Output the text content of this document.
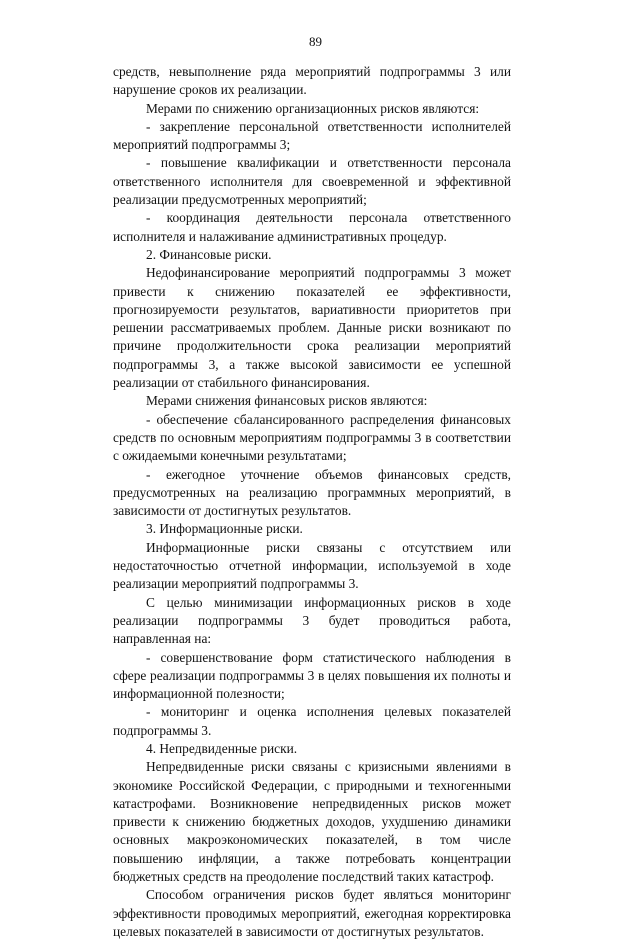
89

средств, невыполнение ряда мероприятий подпрограммы 3 или нарушение сроков их реализации.

Мерами по снижению организационных рисков являются:

- закрепление персональной ответственности исполнителей мероприятий подпрограммы 3;

- повышение квалификации и ответственности персонала ответственного исполнителя для своевременной и эффективной реализации предусмотренных мероприятий;

- координация деятельности персонала ответственного исполнителя и налаживание административных процедур.

2. Финансовые риски.

Недофинансирование мероприятий подпрограммы 3 может привести к снижению показателей ее эффективности, прогнозируемости результатов, вариативности приоритетов при решении рассматриваемых проблем. Данные риски возникают по причине продолжительности срока реализации мероприятий подпрограммы 3, а также высокой зависимости ее успешной реализации от стабильного финансирования.

Мерами снижения финансовых рисков являются:

- обеспечение сбалансированного распределения финансовых средств по основным мероприятиям подпрограммы 3 в соответствии с ожидаемыми конечными результатами;

- ежегодное уточнение объемов финансовых средств, предусмотренных на реализацию программных мероприятий, в зависимости от достигнутых результатов.

3. Информационные риски.

Информационные риски связаны с отсутствием или недостаточностью отчетной информации, используемой в ходе реализации мероприятий подпрограммы 3.

С целью минимизации информационных рисков в ходе реализации подпрограммы 3 будет проводиться работа, направленная на:

- совершенствование форм статистического наблюдения в сфере реализации подпрограммы 3 в целях повышения их полноты и информационной полезности;

- мониторинг и оценка исполнения целевых показателей подпрограммы 3.

4. Непредвиденные риски.

Непредвиденные риски связаны с кризисными явлениями в экономике Российской Федерации, с природными и техногенными катастрофами. Возникновение непредвиденных рисков может привести к снижению бюджетных доходов, ухудшению динамики основных макроэкономических показателей, в том числе повышению инфляции, а также потребовать концентрации бюджетных средств на преодоление последствий таких катастроф.

Способом ограничения рисков будет являться мониторинг эффективности проводимых мероприятий, ежегодная корректировка целевых показателей в зависимости от достигнутых результатов.
